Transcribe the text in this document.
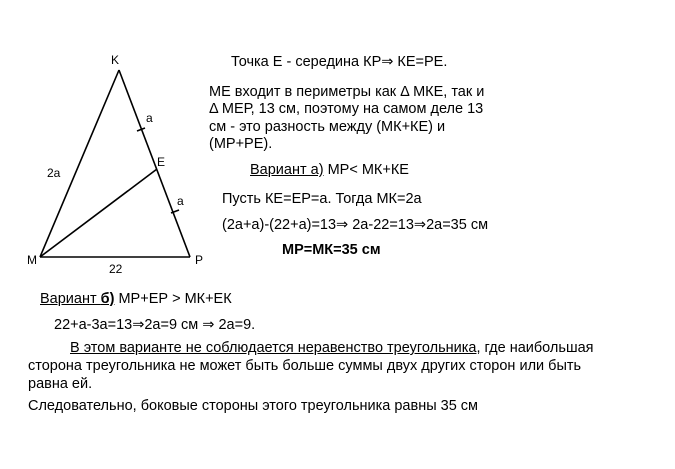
K
E
M	P
2a
a
a
22
Точка Е - середина КР⇒ КЕ=РЕ.
МЕ входит в периметры как Δ МКЕ, так и
Δ МЕР, 13 см, поэтому на самом деле 13
см - это разность между (МК+КЕ) и
(МР+РЕ).
Вариант а) МР< МК+КЕ
Пусть КЕ=ЕР=а. Тогда МК=2а
(2а+а)-(22+а)=13⇒ 2а-22=13⇒2а=35 см
МР=МК=35 см
Вариант б) МР+ЕР > МК+ЕК
22+а-3а=13⇒2а=9 см ⇒ 2а=9.
В этом варианте не соблюдается неравенство треугольника, где наибольшая
сторона треугольника не может быть больше суммы двух других сторон или быть
равна ей.
Следовательно, боковые стороны этого треугольника равны 35 см
